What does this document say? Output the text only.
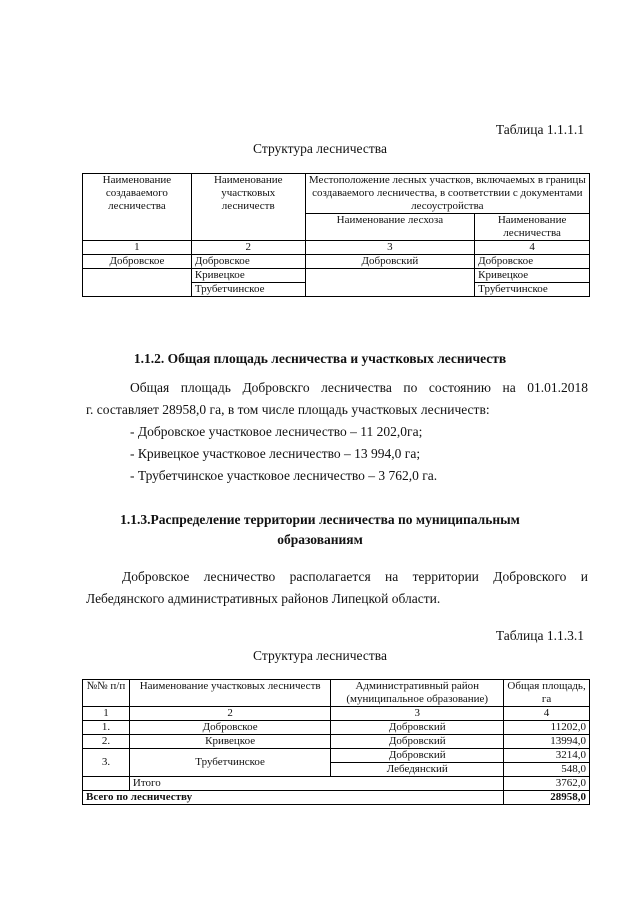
Таблица 1.1.1.1
Структура лесничества
Наименование создаваемого лесничества	Наименование участковых лесничеств	Местоположение лесных участков, включаемых в границы создаваемого лесничества, в соответствии с документами лесоустройства	
		Наименование лесхоза	Наименование лесничества
1	2	3	4
Добровское	Добровское	Добровский	Добровское
	Кривецкое		Кривецкое
	Трубетчинское		Трубетчинское
1.1.2. Общая площадь лесничества и участковых лесничеств
Общая площадь Добровскго лесничества по состоянию на 01.01.2018
г. составляет 28958,0 га, в том числе площадь участковых лесничеств:
- Добровское участковое лесничество – 11 202,0га;
- Кривецкое участковое лесничество – 13 994,0 га;
- Трубетчинское участковое лесничество – 3 762,0 га.
1.1.3.Распределение территории лесничества по муниципальным
образованиям
Добровское лесничество располагается на территории Добровского и
Лебедянского административных районов Липецкой области.
Таблица 1.1.3.1
Структура лесничества
№№ п/п	Наименование участковых лесничеств	Административный район (муниципальное образование)	Общая площадь, га
1	2	3	4
1.	Добровское	Добровский	11202,0
2.	Кривецкое	Добровский	13994,0
3.	Трубетчинское	Добровский	3214,0
		Лебедянский	548,0
	Итого		3762,0
Всего по лесничеству			28958,0
